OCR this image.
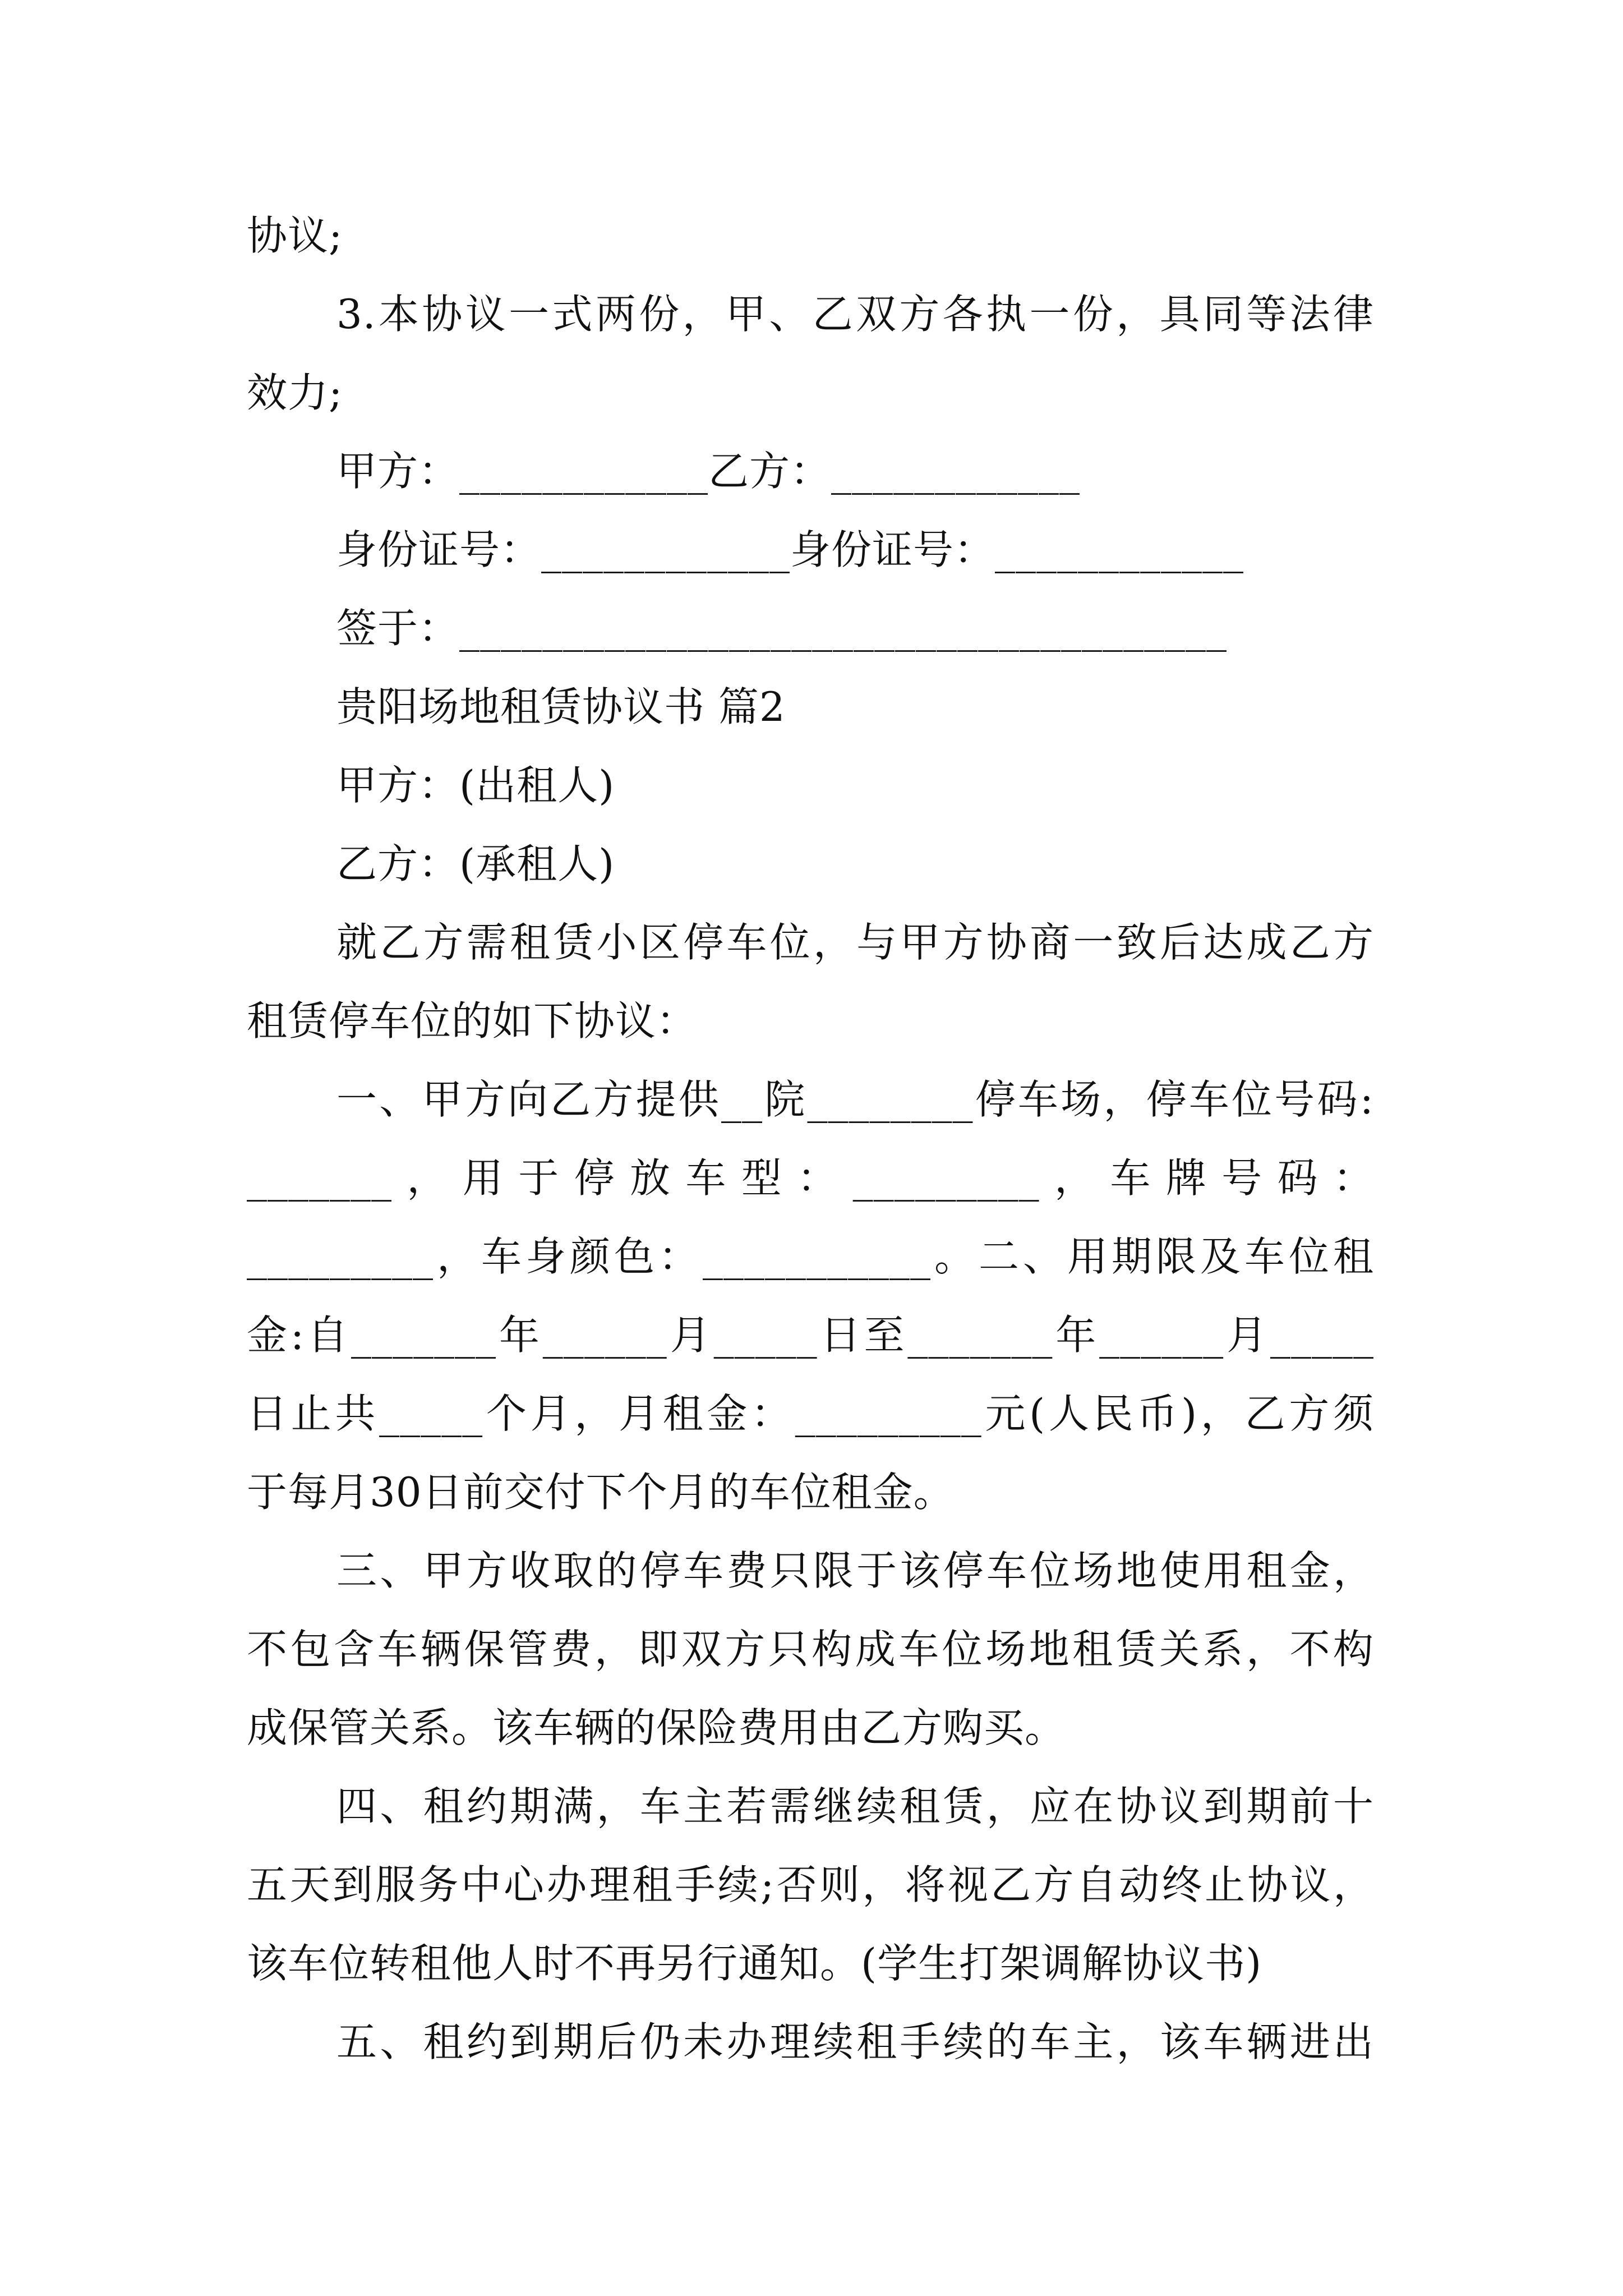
协议;

3.本协议一式两份，甲、乙双方各执一份，具同等法律

效力;

甲方：____________乙方：____________

身份证号：____________身份证号：____________

签于：_____________________________________

贵阳场地租赁协议书 篇2

甲方：(出租人)

乙方：(承租人)

就乙方需租赁小区停车位，与甲方协商一致后达成乙方

租赁停车位的如下协议：

一、甲方向乙方提供__院________停车场，停车位号码:

_______，用于停放车型：_________，车牌号码：

_________，车身颜色：___________。二、用期限及车位租

金:自_______年______月_____日至_______年______月_____

日止共_____个月，月租金：_________元(人民币)，乙方须

于每月30日前交付下个月的车位租金。

三、甲方收取的停车费只限于该停车位场地使用租金，

不包含车辆保管费，即双方只构成车位场地租赁关系，不构

成保管关系。该车辆的保险费用由乙方购买。

四、租约期满，车主若需继续租赁，应在协议到期前十

五天到服务中心办理租手续;否则，将视乙方自动终止协议，

该车位转租他人时不再另行通知。(学生打架调解协议书)

五、租约到期后仍未办理续租手续的车主，该车辆进出
